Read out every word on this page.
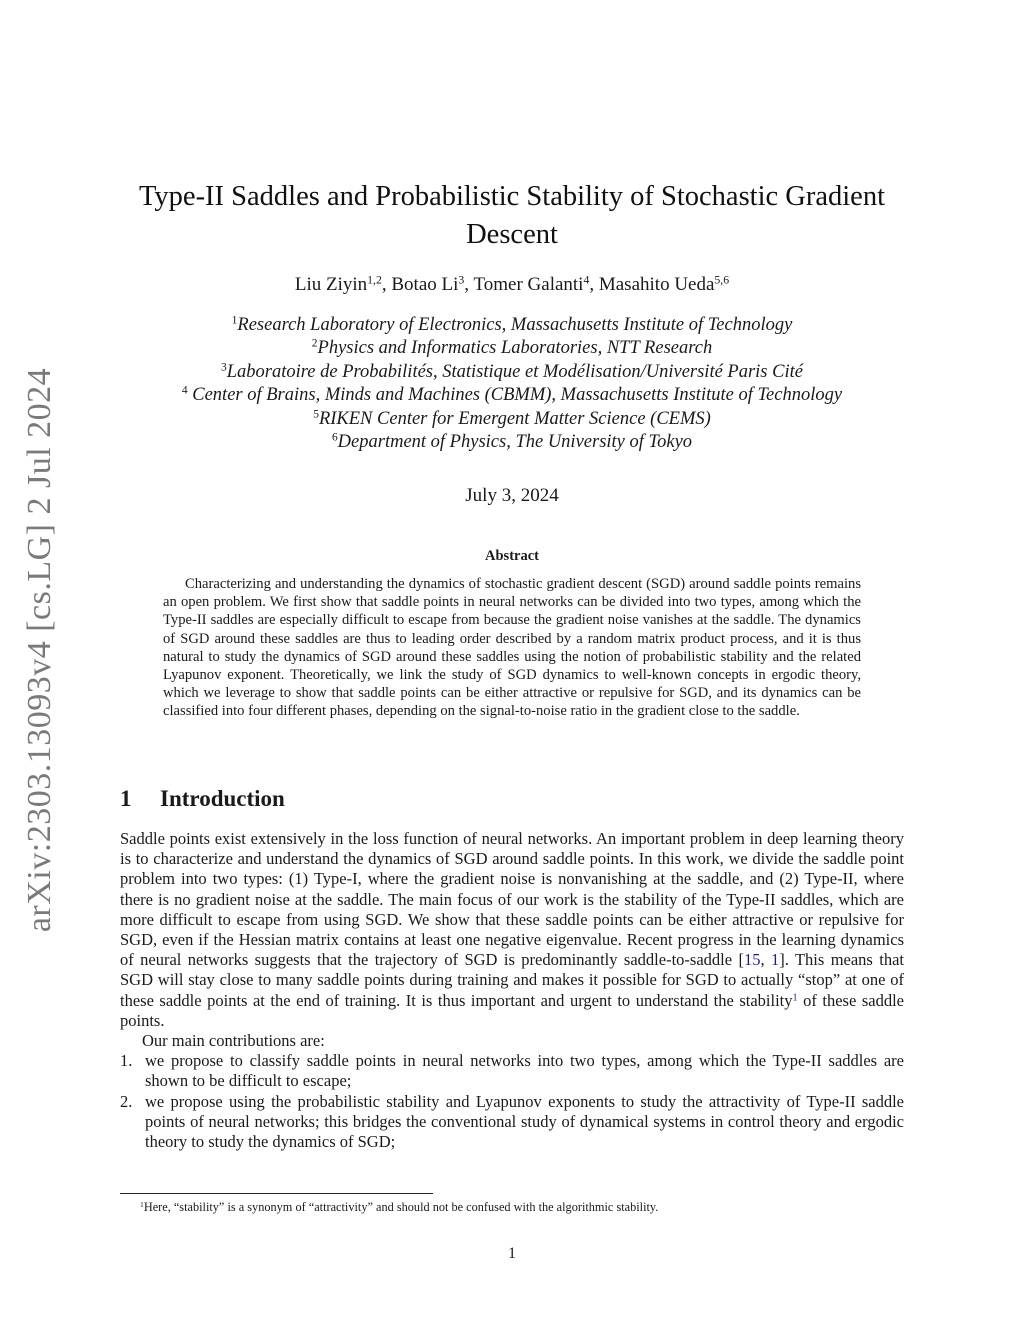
arXiv:2303.13093v4 [cs.LG] 2 Jul 2024
Type-II Saddles and Probabilistic Stability of Stochastic Gradient
Descent
Liu Ziyin$^{1,2}$, Botao Li$^3$, Tomer Galanti$^4$, Masahito Ueda$^{5,6}$
$^1$Research Laboratory of Electronics, Massachusetts Institute of Technology
$^2$Physics and Informatics Laboratories, NTT Research
$^3$Laboratoire de Probabilités, Statistique et Modélisation/Université Paris Cité
$^4$ Center of Brains, Minds and Machines (CBMM), Massachusetts Institute of Technology
$^5$RIKEN Center for Emergent Matter Science (CEMS)
$^6$Department of Physics, The University of Tokyo
July 3, 2024
Abstract
Characterizing and understanding the dynamics of stochastic gradient descent (SGD) around saddle points remains an open problem. We first show that saddle points in neural networks can be divided into two types, among which the Type-II saddles are especially difficult to escape from because the gradient noise vanishes at the saddle. The dynamics of SGD around these saddles are thus to leading order described by a random matrix product process, and it is thus natural to study the dynamics of SGD around these saddles using the notion of probabilistic stability and the related Lyapunov exponent. Theoretically, we link the study of SGD dynamics to well-known concepts in ergodic theory, which we leverage to show that saddle points can be either attractive or repulsive for SGD, and its dynamics can be classified into four different phases, depending on the signal-to-noise ratio in the gradient close to the saddle.
1 Introduction

Saddle points exist extensively in the loss function of neural networks. An important problem in deep learning theory is to characterize and understand the dynamics of SGD around saddle points. In this work, we divide the saddle point problem into two types: (1) Type-I, where the gradient noise is nonvanishing at the saddle, and (2) Type-II, where there is no gradient noise at the saddle. The main focus of our work is the stability of the Type-II saddles, which are more difficult to escape from using SGD. We show that these saddle points can be either attractive or repulsive for SGD, even if the Hessian matrix contains at least one negative eigenvalue. Recent progress in the learning dynamics of neural networks suggests that the trajectory of SGD is predominantly saddle-to-saddle [15, 1]. This means that SGD will stay close to many saddle points during training and makes it possible for SGD to actually “stop” at one of these saddle points at the end of training. It is thus important and urgent to understand the stability$^1$ of these saddle points.

Our main contributions are:

1. we propose to classify saddle points in neural networks into two types, among which the Type-II saddles are shown to be difficult to escape;
2. we propose using the probabilistic stability and Lyapunov exponents to study the attractivity of Type-II saddle points of neural networks; this bridges the conventional study of dynamical systems in control theory and ergodic theory to study the dynamics of SGD;
$^1$Here, “stability” is a synonym of “attractivity” and should not be confused with the algorithmic stability.
1
